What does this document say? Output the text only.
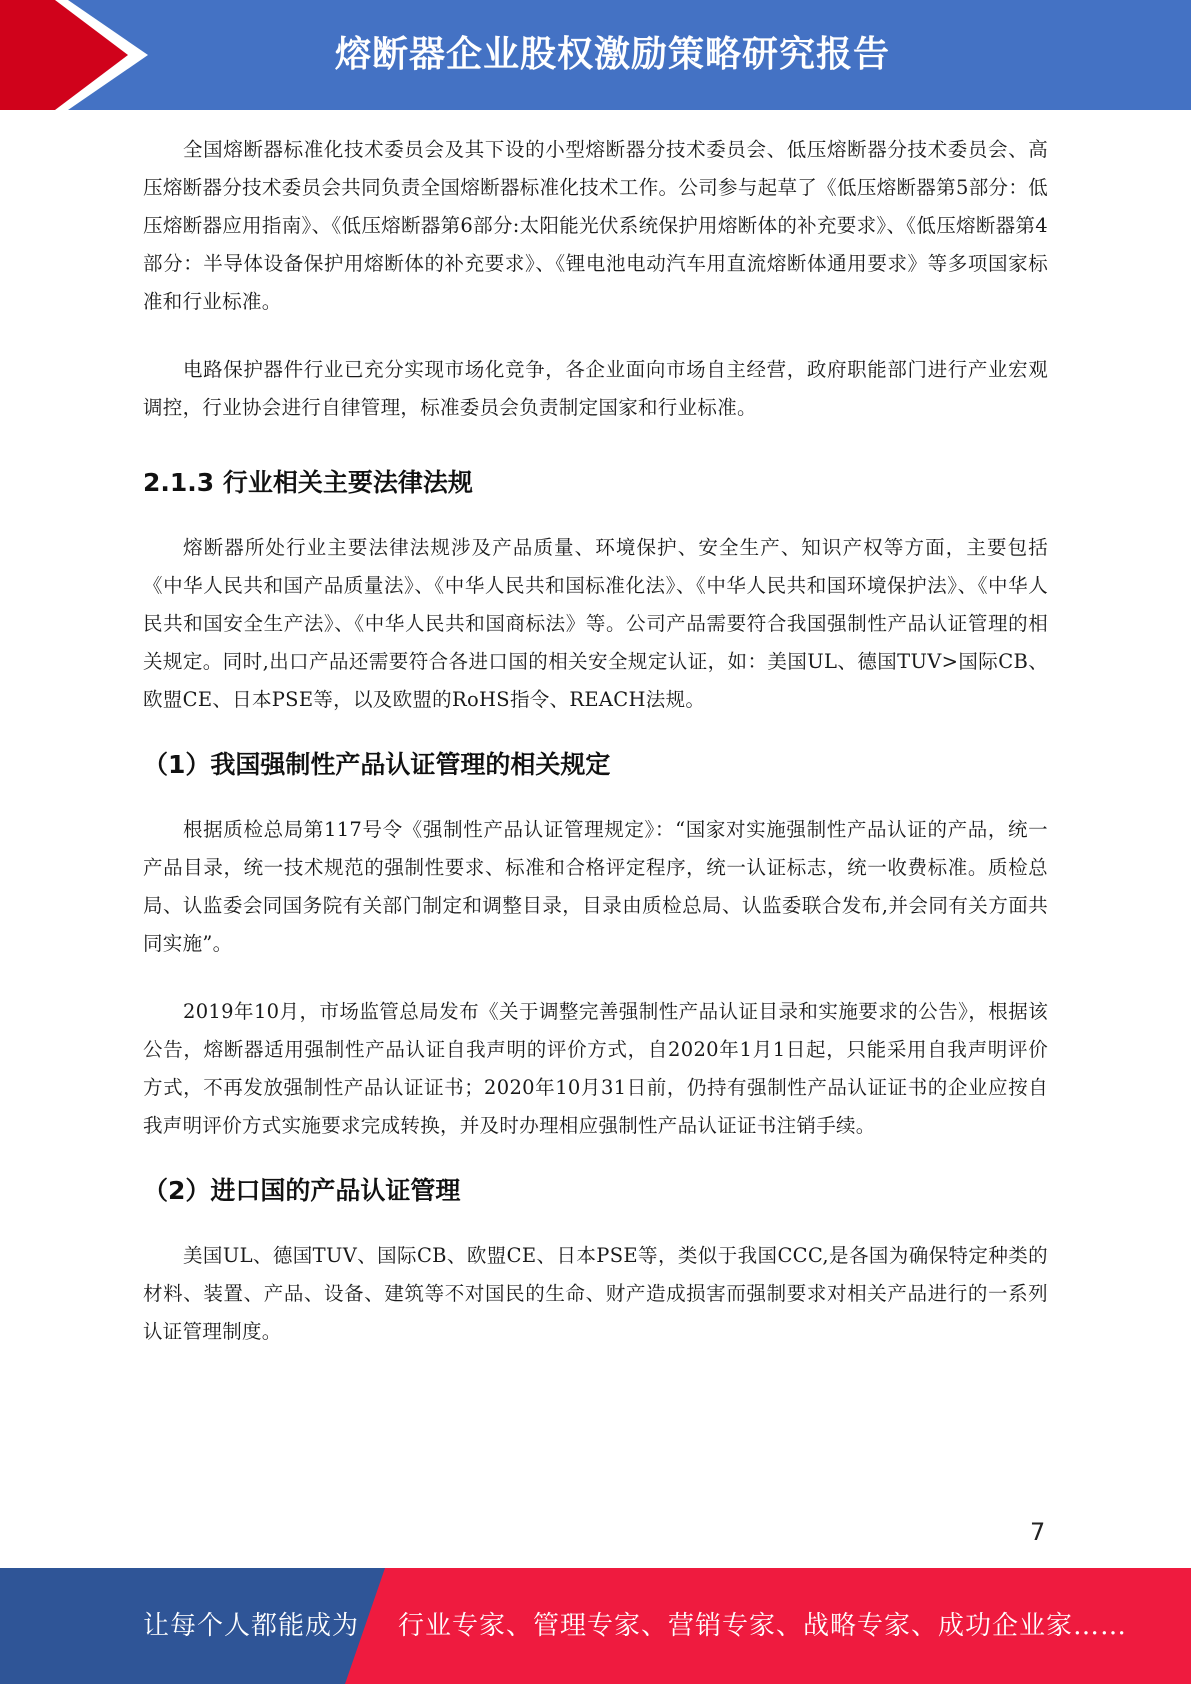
熔断器企业股权激励策略研究报告

全国熔断器标准化技术委员会及其下设的小型熔断器分技术委员会、低压熔断器分技术委员会、高压熔断器分技术委员会共同负责全国熔断器标准化技术工作。公司参与起草了《低压熔断器第5部分：低压熔断器应用指南》、《低压熔断器第6部分:太阳能光伏系统保护用熔断体的补充要求》、《低压熔断器第4部分：半导体设备保护用熔断体的补充要求》、《锂电池电动汽车用直流熔断体通用要求》等多项国家标准和行业标准。

电路保护器件行业已充分实现市场化竞争，各企业面向市场自主经营，政府职能部门进行产业宏观调控，行业协会进行自律管理，标准委员会负责制定国家和行业标准。

2.1.3 行业相关主要法律法规

熔断器所处行业主要法律法规涉及产品质量、环境保护、安全生产、知识产权等方面，主要包括《中华人民共和国产品质量法》、《中华人民共和国标准化法》、《中华人民共和国环境保护法》、《中华人民共和国安全生产法》、《中华人民共和国商标法》等。公司产品需要符合我国强制性产品认证管理的相关规定。同时,出口产品还需要符合各进口国的相关安全规定认证，如：美国UL、德国TUV>国际CB、欧盟CE、日本PSE等，以及欧盟的RoHS指令、REACH法规。

（1）我国强制性产品认证管理的相关规定

根据质检总局第117号令《强制性产品认证管理规定》：“国家对实施强制性产品认证的产品，统一产品目录，统一技术规范的强制性要求、标准和合格评定程序，统一认证标志，统一收费标准。质检总局、认监委会同国务院有关部门制定和调整目录，目录由质检总局、认监委联合发布,并会同有关方面共同实施”。

2019年10月，市场监管总局发布《关于调整完善强制性产品认证目录和实施要求的公告》，根据该公告，熔断器适用强制性产品认证自我声明的评价方式，自2020年1月1日起，只能采用自我声明评价方式，不再发放强制性产品认证证书；2020年10月31日前，仍持有强制性产品认证证书的企业应按自我声明评价方式实施要求完成转换，并及时办理相应强制性产品认证证书注销手续。

（2）进口国的产品认证管理

美国UL、德国TUV、国际CB、欧盟CE、日本PSE等，类似于我国CCC,是各国为确保特定种类的材料、装置、产品、设备、建筑等不对国民的生命、财产造成损害而强制要求对相关产品进行的一系列认证管理制度。

7
让每个人都能成为 行业专家、管理专家、营销专家、战略专家、成功企业家……
